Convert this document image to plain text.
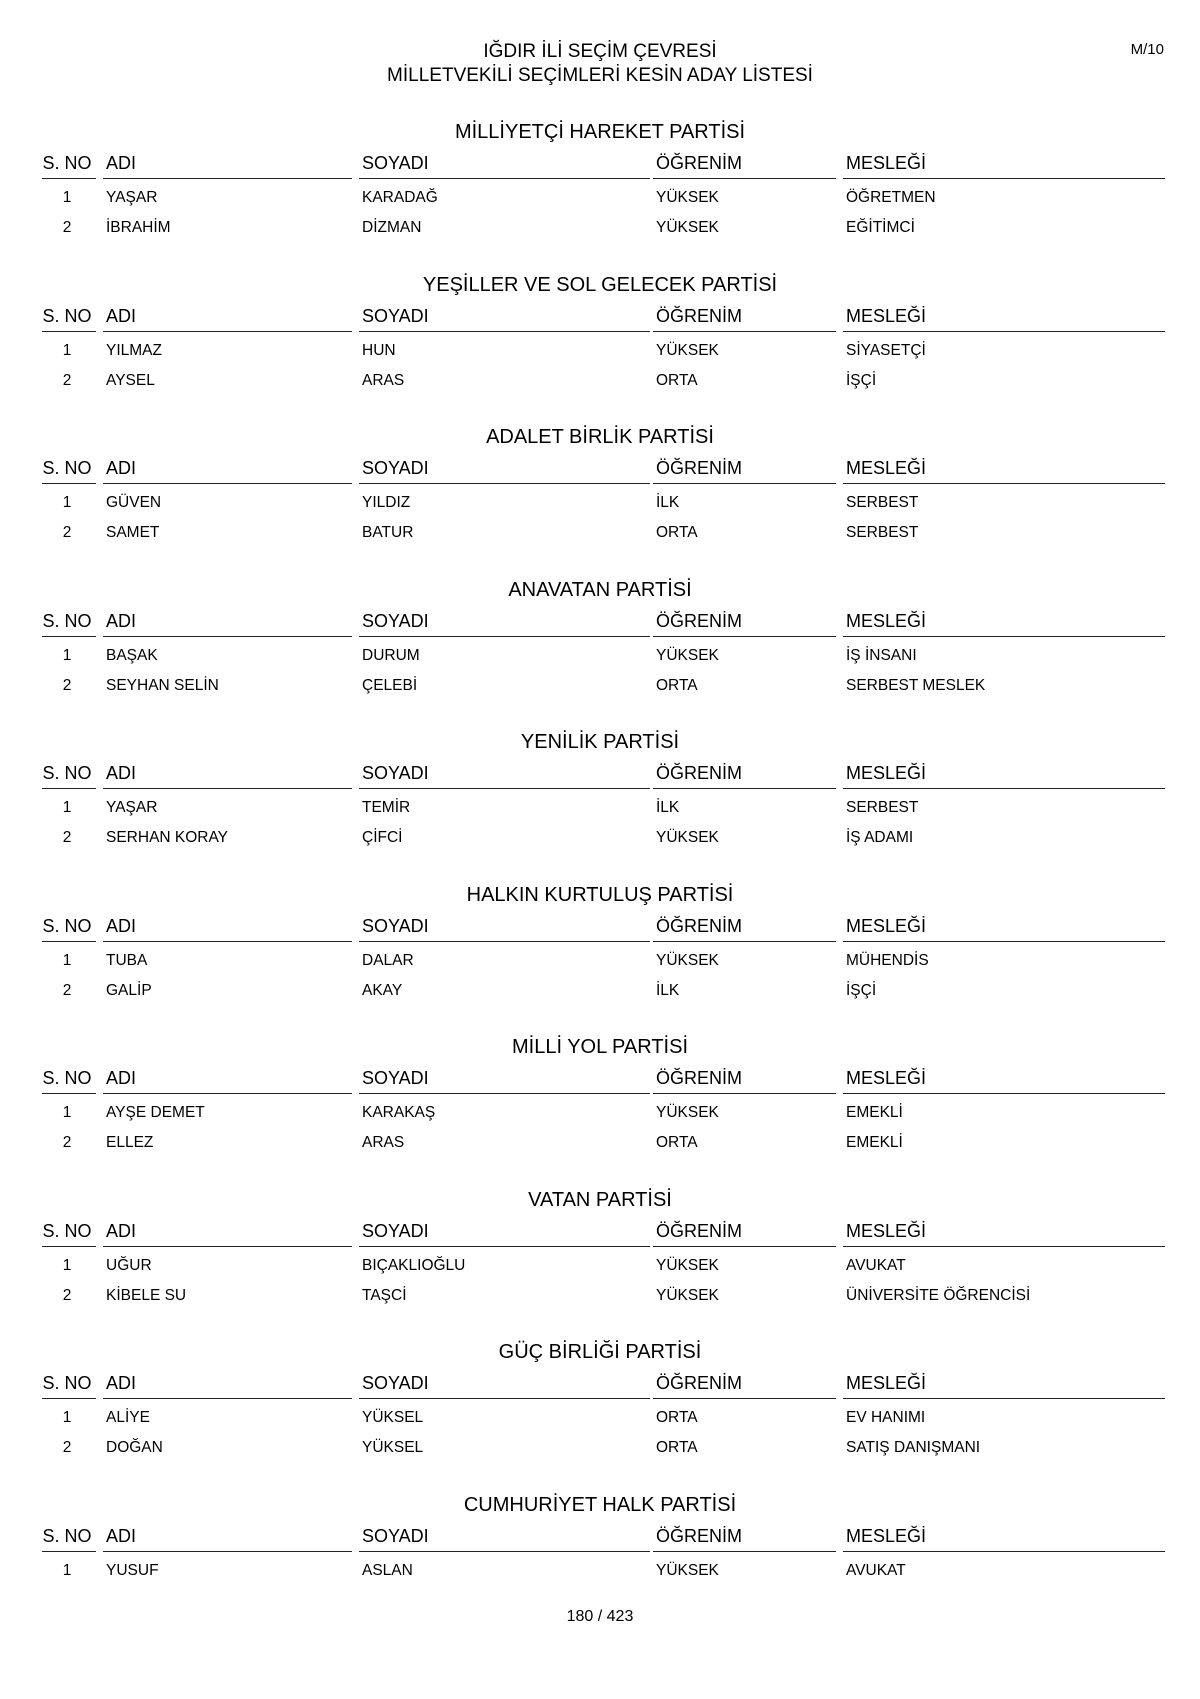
IĞDIR İLİ SEÇİM ÇEVRESİ
MİLLETVEKİLİ SEÇİMLERİ KESİN ADAY LİSTESİ
M/10
MİLLİYETÇİ HAREKET PARTİSİ
S. NO ADI	SOYADI	ÖĞRENİM	MESLEĞİ
1	YAŞAR	KARADAĞ	YÜKSEK	ÖĞRETMEN
2	İBRAHİM	DİZMAN	YÜKSEK	EĞİTİMCİ
YEŞİLLER VE SOL GELECEK PARTİSİ
S. NO ADI	SOYADI	ÖĞRENİM	MESLEĞİ
1	YILMAZ	HUN	YÜKSEK	SİYASETÇİ
2	AYSEL	ARAS	ORTA	İŞÇİ
ADALET BİRLİK PARTİSİ
S. NO ADI	SOYADI	ÖĞRENİM	MESLEĞİ
1	GÜVEN	YILDIZ	İLK	SERBEST
2	SAMET	BATUR	ORTA	SERBEST
ANAVATAN PARTİSİ
S. NO ADI	SOYADI	ÖĞRENİM	MESLEĞİ
1	BAŞAK	DURUM	YÜKSEK	İŞ İNSANI
2	SEYHAN SELİN	ÇELEBİ	ORTA	SERBEST MESLEK
YENİLİK PARTİSİ
S. NO ADI	SOYADI	ÖĞRENİM	MESLEĞİ
1	YAŞAR	TEMİR	İLK	SERBEST
2	SERHAN KORAY	ÇİFCİ	YÜKSEK	İŞ ADAMI
HALKIN KURTULUŞ PARTİSİ
S. NO ADI	SOYADI	ÖĞRENİM	MESLEĞİ
1	TUBA	DALAR	YÜKSEK	MÜHENDİS
2	GALİP	AKAY	İLK	İŞÇİ
MİLLİ YOL PARTİSİ
S. NO ADI	SOYADI	ÖĞRENİM	MESLEĞİ
1	AYŞE DEMET	KARAKAŞ	YÜKSEK	EMEKLİ
2	ELLEZ	ARAS	ORTA	EMEKLİ
VATAN PARTİSİ
S. NO ADI	SOYADI	ÖĞRENİM	MESLEĞİ
1	UĞUR	BIÇAKLIOĞLU	YÜKSEK	AVUKAT
2	KİBELE SU	TAŞCİ	YÜKSEK	ÜNİVERSİTE ÖĞRENCİSİ
GÜÇ BİRLİĞİ PARTİSİ
S. NO ADI	SOYADI	ÖĞRENİM	MESLEĞİ
1	ALİYE	YÜKSEL	ORTA	EV HANIMI
2	DOĞAN	YÜKSEL	ORTA	SATIŞ DANIŞMANI
CUMHURİYET HALK PARTİSİ
S. NO ADI	SOYADI	ÖĞRENİM	MESLEĞİ
1	YUSUF	ASLAN	YÜKSEK	AVUKAT
180 / 423
